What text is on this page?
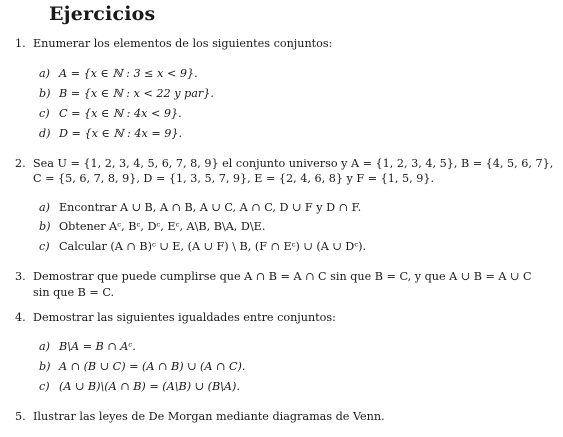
Ejercicios
1. Enumerar los elementos de los siguientes conjuntos:
a) A = {x ∈ ℕ : 3 ≤ x < 9}.
b) B = {x ∈ ℕ : x < 22 y par}.
c) C = {x ∈ ℕ : 4x < 9}.
d) D = {x ∈ ℕ : 4x = 9}.
2. Sea U = {1, 2, 3, 4, 5, 6, 7, 8, 9} el conjunto universo y A = {1, 2, 3, 4, 5}, B = {4, 5, 6, 7},
C = {5, 6, 7, 8, 9}, D = {1, 3, 5, 7, 9}, E = {2, 4, 6, 8} y F = {1, 5, 9}.
a) Encontrar A ∪ B, A ∩ B, A ∪ C, A ∩ C, D ∪ F y D ∩ F.
b) Obtener Aᶜ, Bᶜ, Dᶜ, Eᶜ, A\B, B\A, D\E.
c) Calcular (A ∩ B)ᶜ ∪ E, (A ∪ F) \ B, (F ∩ Eᶜ) ∪ (A ∪ Dᶜ).
3. Demostrar que puede cumplirse que A ∩ B = A ∩ C sin que B = C, y que A ∪ B = A ∪ C
sin que B = C.
4. Demostrar las siguientes igualdades entre conjuntos:
a) B\A = B ∩ Aᶜ.
b) A ∩ (B ∪ C) = (A ∩ B) ∪ (A ∩ C).
c) (A ∪ B)\(A ∩ B) = (A\B) ∪ (B\A).
5. Ilustrar las leyes de De Morgan mediante diagramas de Venn.
